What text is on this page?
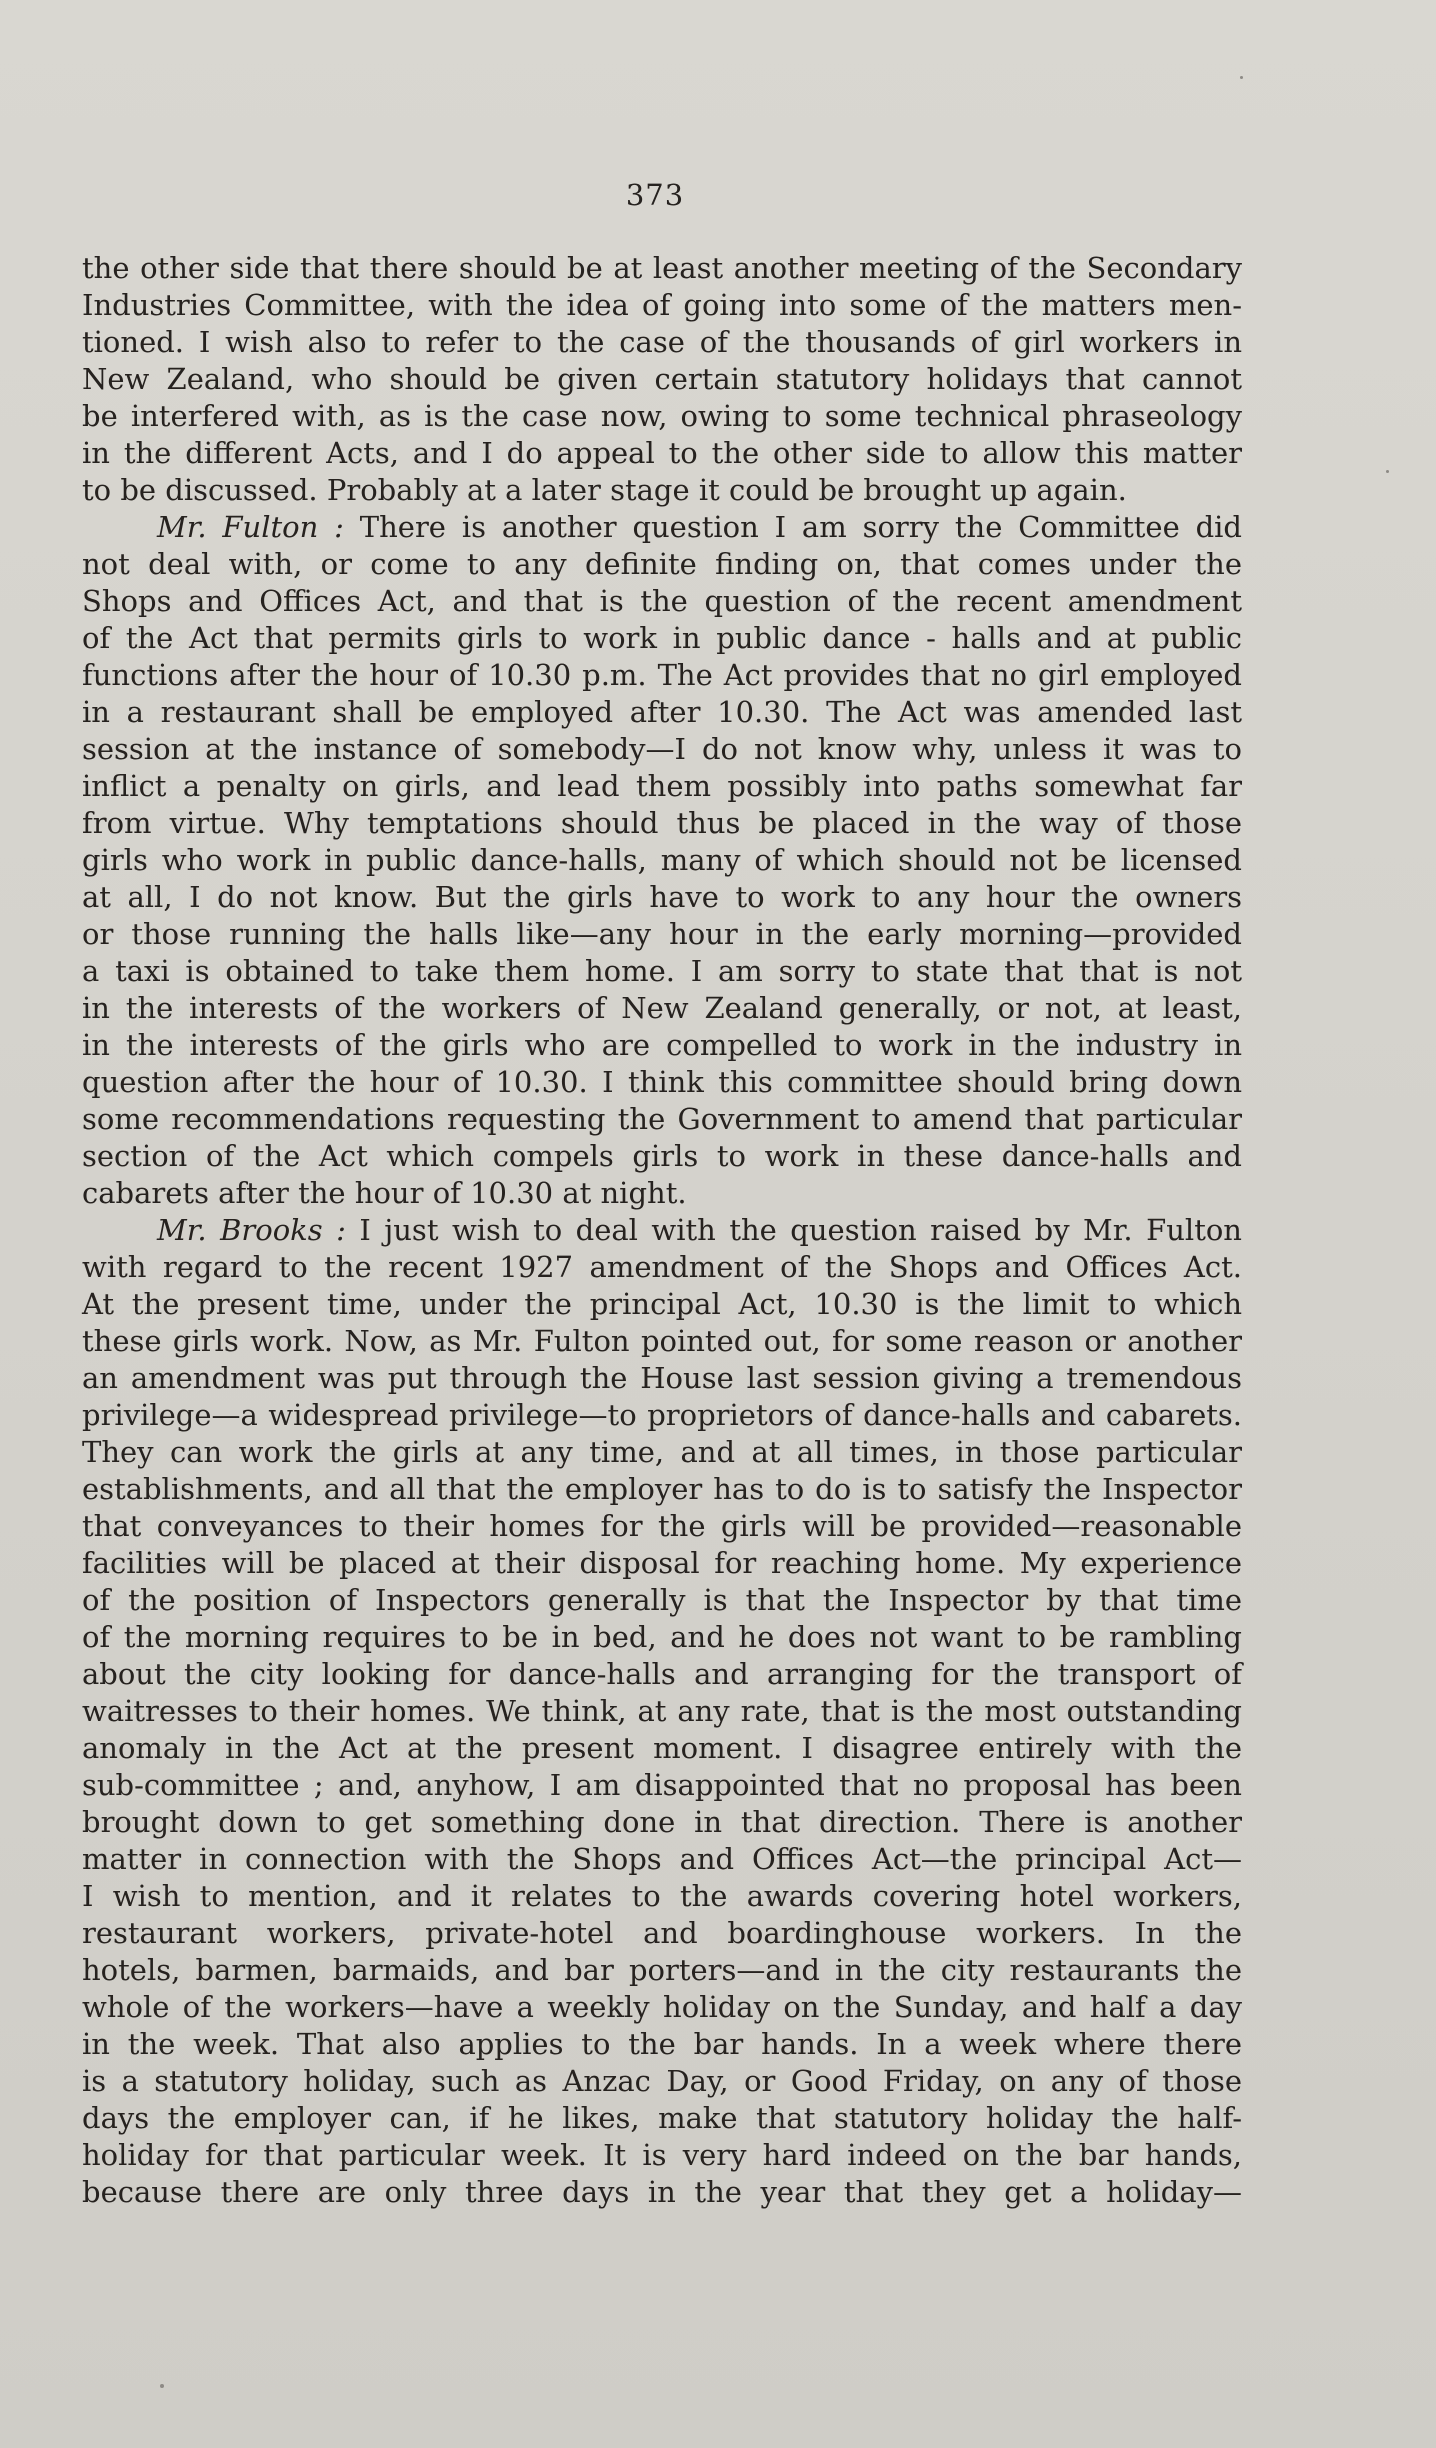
373
the other side that there should be at least another meeting of the Secondary
Industries Committee, with the idea of going into some of the matters men-
tioned. I wish also to refer to the case of the thousands of girl workers in
New Zealand, who should be given certain statutory holidays that cannot
be interfered with, as is the case now, owing to some technical phraseology
in the different Acts, and I do appeal to the other side to allow this matter
to be discussed. Probably at a later stage it could be brought up again.
Mr. Fulton : There is another question I am sorry the Committee did
not deal with, or come to any definite finding on, that comes under the
Shops and Offices Act, and that is the question of the recent amendment
of the Act that permits girls to work in public dance - halls and at public
functions after the hour of 10.30 p.m. The Act provides that no girl employed
in a restaurant shall be employed after 10.30. The Act was amended last
session at the instance of somebody—I do not know why, unless it was to
inflict a penalty on girls, and lead them possibly into paths somewhat far
from virtue. Why temptations should thus be placed in the way of those
girls who work in public dance-halls, many of which should not be licensed
at all, I do not know. But the girls have to work to any hour the owners
or those running the halls like—any hour in the early morning—provided
a taxi is obtained to take them home. I am sorry to state that that is not
in the interests of the workers of New Zealand generally, or not, at least,
in the interests of the girls who are compelled to work in the industry in
question after the hour of 10.30. I think this committee should bring down
some recommendations requesting the Government to amend that particular
section of the Act which compels girls to work in these dance-halls and
cabarets after the hour of 10.30 at night.
Mr. Brooks : I just wish to deal with the question raised by Mr. Fulton
with regard to the recent 1927 amendment of the Shops and Offices Act.
At the present time, under the principal Act, 10.30 is the limit to which
these girls work. Now, as Mr. Fulton pointed out, for some reason or another
an amendment was put through the House last session giving a tremendous
privilege—a widespread privilege—to proprietors of dance-halls and cabarets.
They can work the girls at any time, and at all times, in those particular
establishments, and all that the employer has to do is to satisfy the Inspector
that conveyances to their homes for the girls will be provided—reasonable
facilities will be placed at their disposal for reaching home. My experience
of the position of Inspectors generally is that the Inspector by that time
of the morning requires to be in bed, and he does not want to be rambling
about the city looking for dance-halls and arranging for the transport of
waitresses to their homes. We think, at any rate, that is the most outstanding
anomaly in the Act at the present moment. I disagree entirely with the
sub-committee ; and, anyhow, I am disappointed that no proposal has been
brought down to get something done in that direction. There is another
matter in connection with the Shops and Offices Act—the principal Act—
I wish to mention, and it relates to the awards covering hotel workers,
restaurant workers, private-hotel and boardinghouse workers. In the
hotels, barmen, barmaids, and bar porters—and in the city restaurants the
whole of the workers—have a weekly holiday on the Sunday, and half a day
in the week. That also applies to the bar hands. In a week where there
is a statutory holiday, such as Anzac Day, or Good Friday, on any of those
days the employer can, if he likes, make that statutory holiday the half-
holiday for that particular week. It is very hard indeed on the bar hands,
because there are only three days in the year that they get a holiday—
